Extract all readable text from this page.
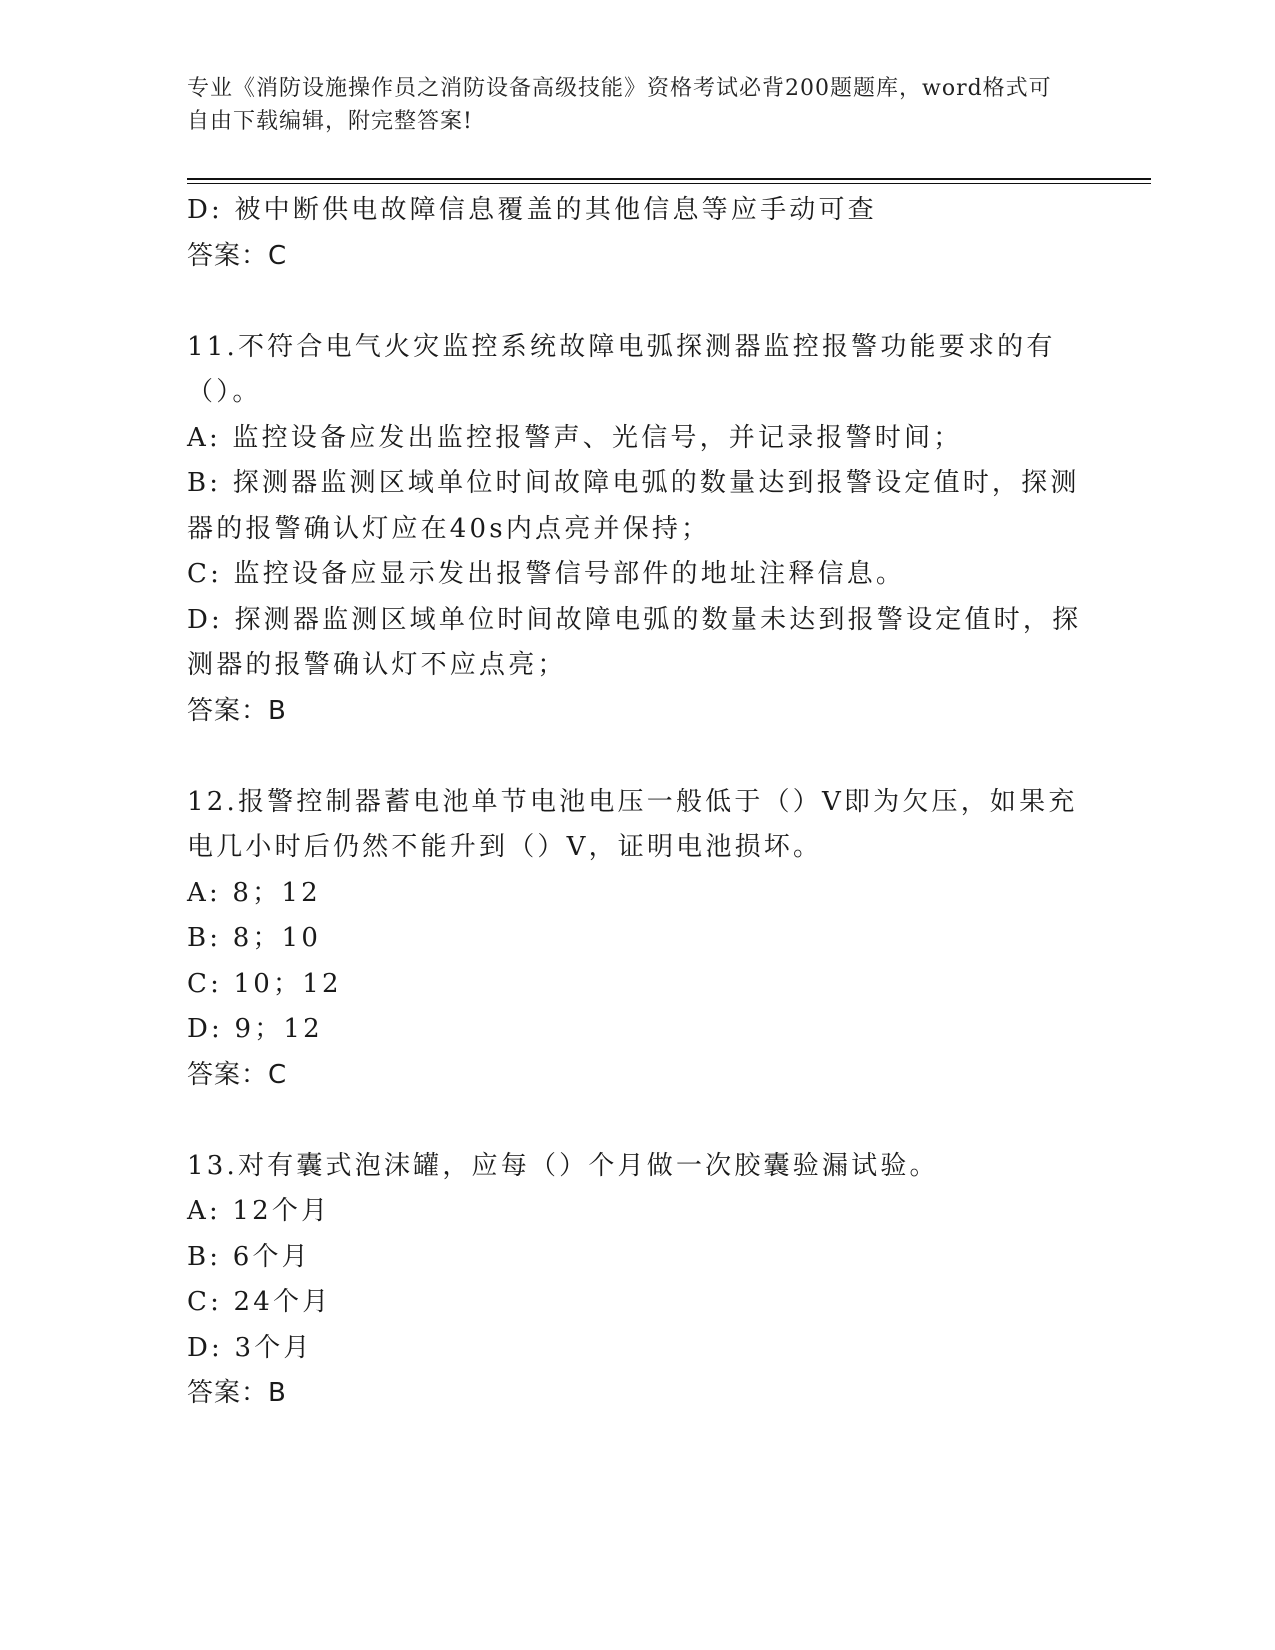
专业《消防设施操作员之消防设备高级技能》资格考试必背200题题库，word格式可自由下载编辑，附完整答案!

D: 被中断供电故障信息覆盖的其他信息等应手动可查

答案：C

11.不符合电气火灾监控系统故障电弧探测器监控报警功能要求的有（）。

A: 监控设备应发出监控报警声、光信号，并记录报警时间；

B: 探测器监测区域单位时间故障电弧的数量达到报警设定值时，探测器的报警确认灯应在40s内点亮并保持；

C: 监控设备应显示发出报警信号部件的地址注释信息。

D: 探测器监测区域单位时间故障电弧的数量未达到报警设定值时，探测器的报警确认灯不应点亮；

答案：B

12.报警控制器蓄电池单节电池电压一般低于（）V即为欠压，如果充电几小时后仍然不能升到（）V，证明电池损坏。

A: 8；12

B: 8；10

C: 10；12

D: 9；12

答案：C

13.对有囊式泡沫罐，应每（）个月做一次胶囊验漏试验。

A: 12个月

B: 6个月

C: 24个月

D: 3个月

答案：B
